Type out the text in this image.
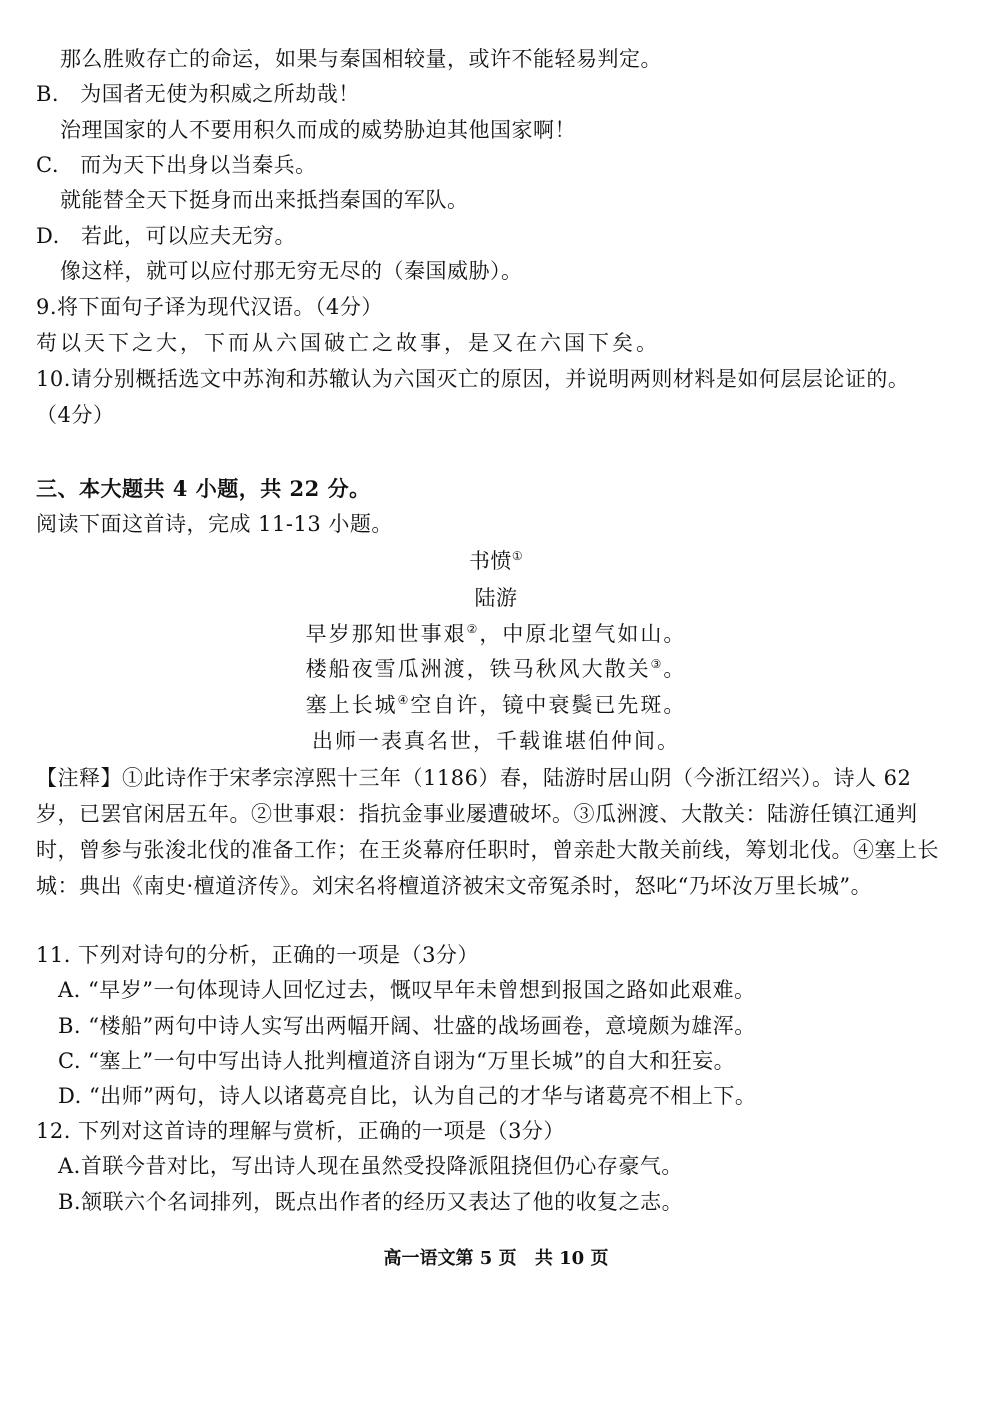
那么胜败存亡的命运，如果与秦国相较量，或许不能轻易判定。
B. 为国者无使为积威之所劫哉！
治理国家的人不要用积久而成的威势胁迫其他国家啊！
C. 而为天下出身以当秦兵。
就能替全天下挺身而出来抵挡秦国的军队。
D. 若此，可以应夫无穷。
像这样，就可以应付那无穷无尽的（秦国威胁）。
9.将下面句子译为现代汉语。（4分）
苟以天下之大，下而从六国破亡之故事，是又在六国下矣。
10.请分别概括选文中苏洵和苏辙认为六国灭亡的原因，并说明两则材料是如何层层论证的。
（4分）
三、本大题共 4 小题，共 22 分。
阅读下面这首诗，完成 11-13 小题。
书愤①
陆游
早岁那知世事艰②，中原北望气如山。
楼船夜雪瓜洲渡，铁马秋风大散关③。
塞上长城④空自许，镜中衰鬓已先斑。
出师一表真名世，千载谁堪伯仲间。
【注释】①此诗作于宋孝宗淳熙十三年（1186）春，陆游时居山阴（今浙江绍兴）。诗人 62 岁，已罢官闲居五年。②世事艰：指抗金事业屡遭破坏。③瓜洲渡、大散关：陆游任镇江通判时，曾参与张浚北伐的准备工作；在王炎幕府任职时，曾亲赴大散关前线，筹划北伐。④塞上长城：典出《南史·檀道济传》。刘宋名将檀道济被宋文帝冤杀时，怒叱“乃坏汝万里长城”。
11. 下列对诗句的分析，正确的一项是（3分）
A. “早岁”一句体现诗人回忆过去，慨叹早年未曾想到报国之路如此艰难。
B. “楼船”两句中诗人实写出两幅开阔、壮盛的战场画卷，意境颇为雄浑。
C. “塞上”一句中写出诗人批判檀道济自诩为“万里长城”的自大和狂妄。
D. “出师”两句，诗人以诸葛亮自比，认为自己的才华与诸葛亮不相上下。
12. 下列对这首诗的理解与赏析，正确的一项是（3分）
A.首联今昔对比，写出诗人现在虽然受投降派阻挠但仍心存豪气。
B.颔联六个名词排列，既点出作者的经历又表达了他的收复之志。
高一语文第 5 页 共 10 页
